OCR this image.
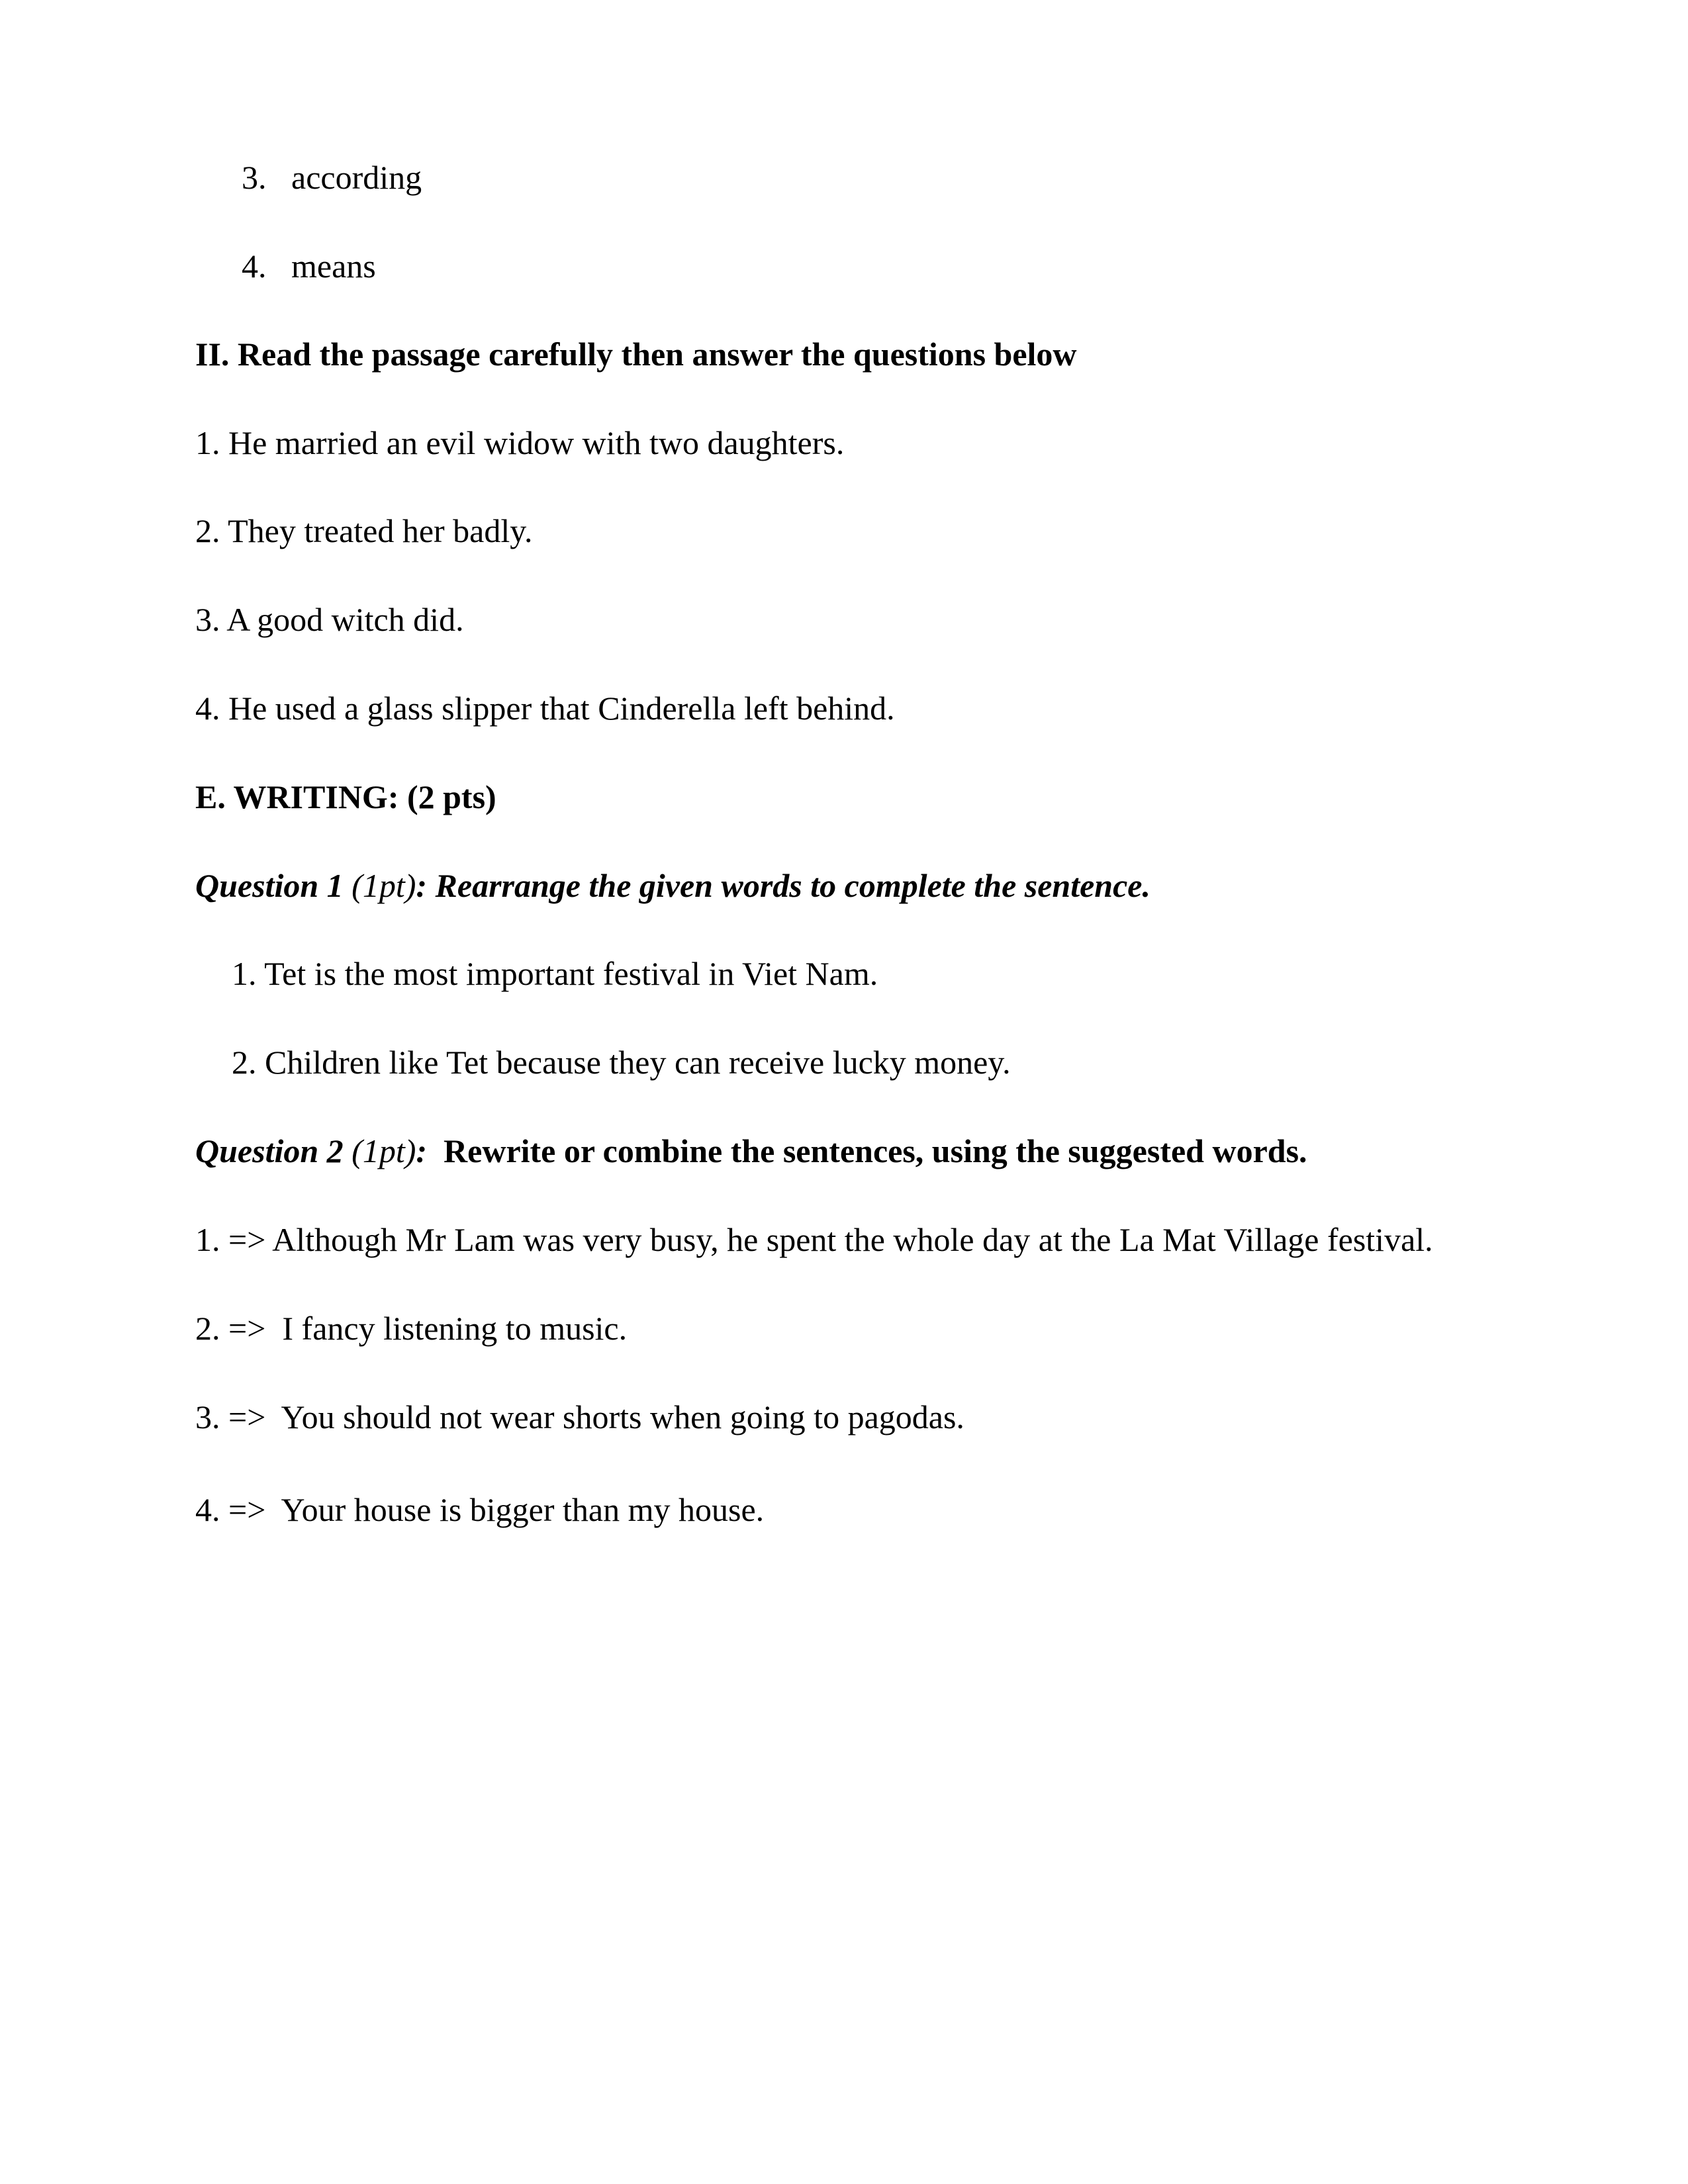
3. according
4. means
II. Read the passage carefully then answer the questions below
1. He married an evil widow with two daughters.
2. They treated her badly.
3. A good witch did.
4. He used a glass slipper that Cinderella left behind.
E. WRITING: (2 pts)
Question 1 (1pt): Rearrange the given words to complete the sentence.
1. Tet is the most important festival in Viet Nam.
2. Children like Tet because they can receive lucky money.
Question 2 (1pt): Rewrite or combine the sentences, using the suggested words.
1. => Although Mr Lam was very busy, he spent the whole day at the La Mat Village festival.
2. =>  I fancy listening to music.
3. =>  You should not wear shorts when going to pagodas.
4. =>  Your house is bigger than my house.
